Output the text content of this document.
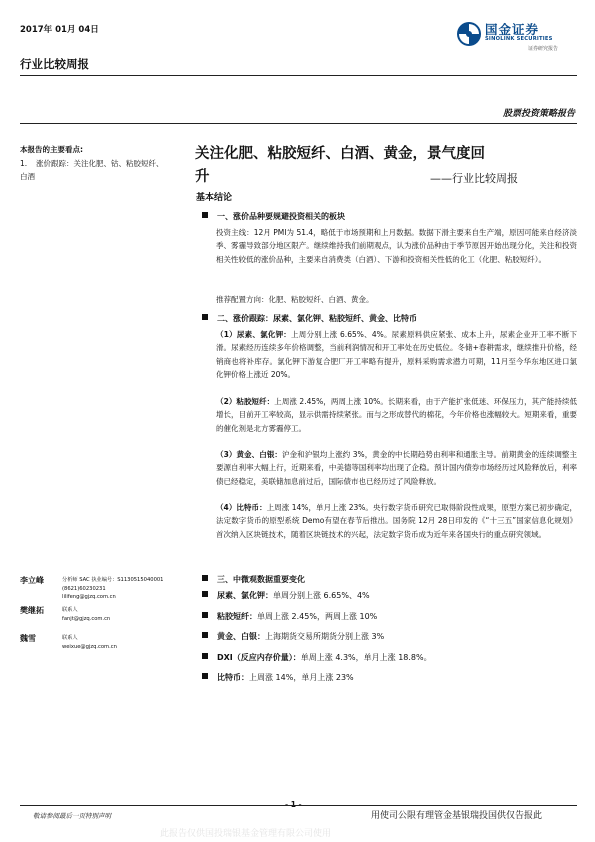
2017年 01月 04日
行业比较周报
国金证券
SINOLINK SECURITIES
证券研究报告
股票投资策略报告
本报告的主要看点:
1. 涨价跟踪：关注化肥、钴、粘胶短纤、白酒
李立峰	分析师 SAC 执业编号：S1130515040001
(8621)60230231
lilifeng@gjzq.com.cn
樊继拓	联系人
fanjt@gjzq.com.cn
魏雪	联系人
weixue@gjzq.com.cn
关注化肥、粘胶短纤、白酒、黄金，景气度回
升	——行业比较周报
基本结论
一、涨价品种要规避投资相关的板块
投资主线：12月 PMI为 51.4，略低于市场预期和上月数据。数据下滑主要来自生产端，原因可能来自经济淡季、雾霾导致部分地区限产。继续维持我们前期观点，认为涨价品种由于季节原因开始出现分化，关注和投资相关性较低的涨价品种，主要来自消费类（白酒）、下游和投资相关性低的化工（化肥、粘胶短纤）。
推荐配置方向：化肥、粘胶短纤、白酒、黄金。
二、涨价跟踪：尿素、氯化钾、粘胶短纤、黄金、比特币
（1）尿素、氯化钾：上周分别上涨 6.65%、4%。尿素原料供应紧张、成本上升，尿素企业开工率不断下滑。尿素经历连续多年价格调整，当前利润情况和开工率处在历史低位。冬储+春耕需求，继续推升价格，经销商也将补库存。氯化钾下游复合肥厂开工率略有提升，原料采购需求潜力可期，11月至今华东地区进口氯化钾价格上涨近 20%。
（2）粘胶短纤：上周涨 2.45%，两周上涨 10%。长期来看，由于产能扩张低迷、环保压力，其产能持续低增长，目前开工率较高，显示供需持续紧张。而与之形成替代的棉花，今年价格也涨幅较大。短期来看，重要的催化剂是北方雾霾停工。
（3）黄金、白银：沪金和沪银均上涨约 3%，黄金的中长期趋势由利率和通胀主导。前期黄金的连续调整主要源自利率大幅上行，近期来看，中美德等国利率均出现了企稳。预计国内债券市场经历过风险释放后，利率债已经稳定，美联储加息前过后，国际债市也已经历过了风险释放。
（4）比特币：上周涨 14%，单月上涨 23%。央行数字货币研究已取得阶段性成果，原型方案已初步确定，法定数字货币的原型系统 Demo有望在春节后推出。国务院 12月 28日印发的《“十三五”国家信息化规划》首次纳入区块链技术，随着区块链技术的兴起，法定数字货币成为近年来各国央行的重点研究领域。
三、中微观数据重要变化
尿素、氯化钾：单周分别上涨 6.65%、4%
粘胶短纤：单周上涨 2.45%，两周上涨 10%
黄金、白银：上海期货交易所期货分别上涨 3%
DXI（反应内存价量）：单周上涨 4.3%，单月上涨 18.8%。
比特币：上周涨 14%，单月上涨 23%
敬请参阅最后一页特别声明	用使司公限有理管金基银瑞投国供仅告报此
此报告仅供国投瑞银基金管理有限公司使用
